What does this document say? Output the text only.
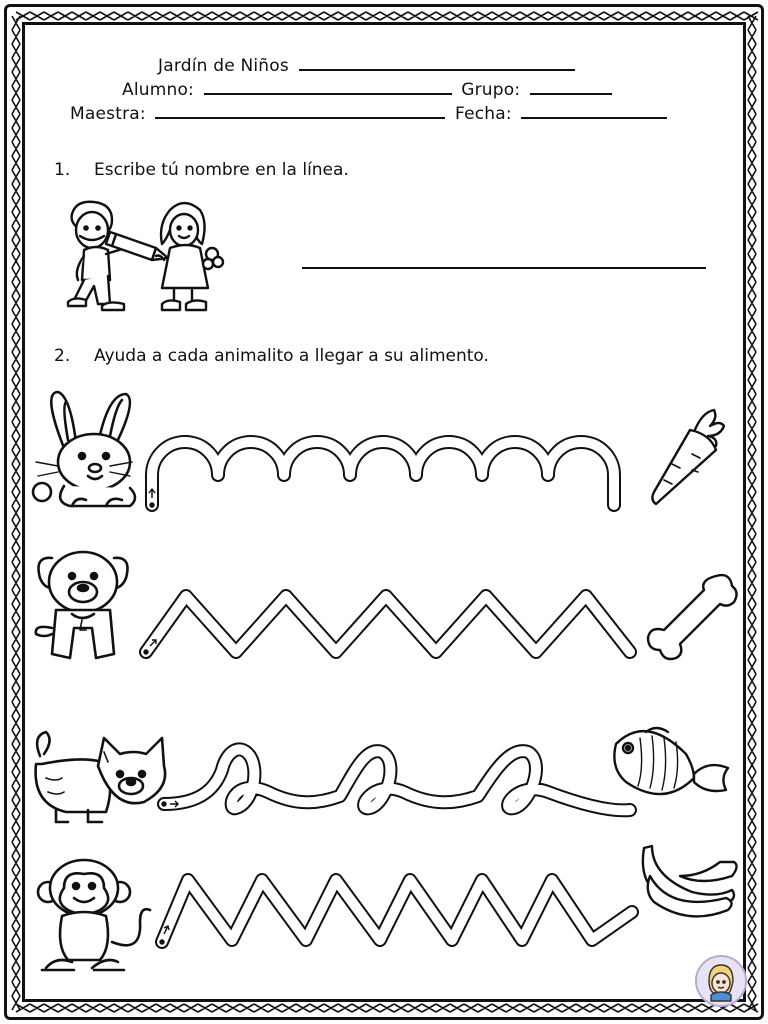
Jardín de Niños
Alumno:	Grupo:
Maestra:	Fecha:
1. Escribe tú nombre en la línea.
2. Ayuda a cada animalito a llegar a su alimento.
